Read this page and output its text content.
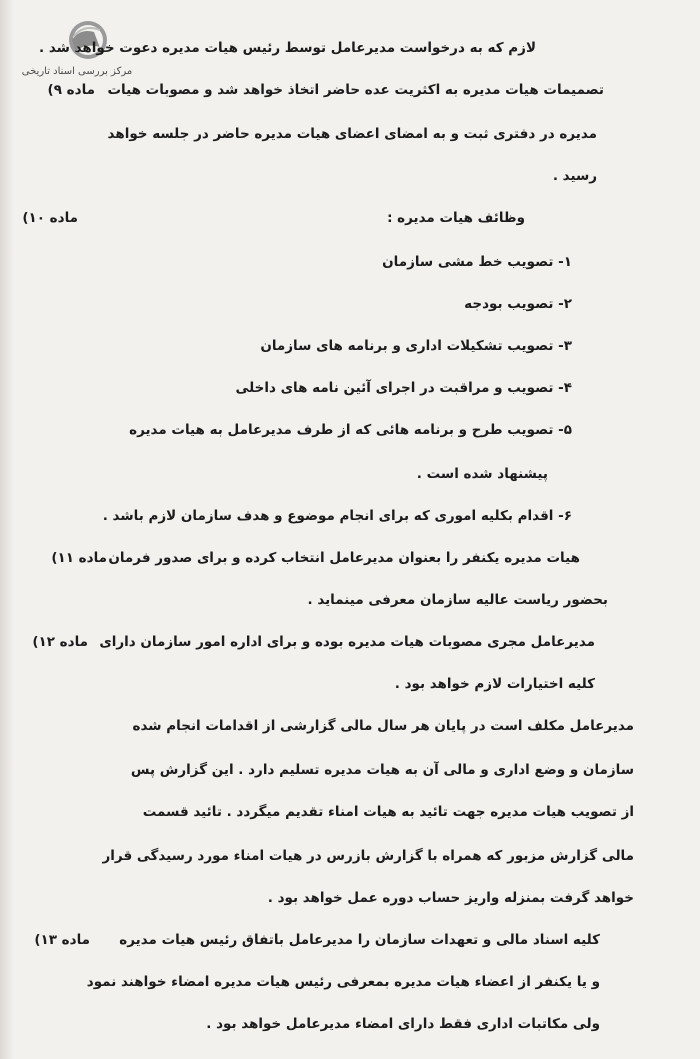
مرکز بررسی اسناد تاریخی
لازم که به درخواست مدیرعامل توسط رئیس هیات مدیره دعوت خواهد شد .
ماده ۹) تصمیمات هیات مدیره به اکثریت عده حاضر اتخاذ خواهد شد و مصوبات هیات
مدیره در دفتری ثبت و به امضای اعضای هیات مدیره حاضر در جلسه خواهد
رسید .
ماده ۱۰)	وظائف هیات مدیره :
۱- تصویب خط مشی سازمان
۲- تصویب بودجه
۳- تصویب تشکیلات اداری و برنامه های سازمان
۴- تصویب و مراقبت در اجرای آئین نامه های داخلی
۵- تصویب طرح و برنامه هائی که از طرف مدیرعامل به هیات مدیره
پیشنهاد شده است .
۶- اقدام بکلیه اموری که برای انجام موضوع و هدف سازمان لازم باشد .
ماده ۱۱) هیات مدیره یکنفر را بعنوان مدیرعامل انتخاب کرده و برای صدور فرمان
بحضور ریاست عالیه سازمان معرفی مینماید .
ماده ۱۲) مدیرعامل مجری مصوبات هیات مدیره بوده و برای اداره امور سازمان دارای
کلیه اختیارات لازم خواهد بود .
مدیرعامل مکلف است در پایان هر سال مالی گزارشی از اقدامات انجام شده
سازمان و وضع اداری و مالی آن به هیات مدیره تسلیم دارد . این گزارش پس
از تصویب هیات مدیره جهت تائید به هیات امناء تقدیم میگردد . تائید قسمت
مالی گزارش مزبور که همراه با گزارش بازرس در هیات امناء مورد رسیدگی قرار
خواهد گرفت بمنزله واریز حساب دوره عمل خواهد بود .
ماده ۱۳) کلیه اسناد مالی و تعهدات سازمان را مدیرعامل باتفاق رئیس هیات مدیره
و یا یکنفر از اعضاء هیات مدیره بمعرفی رئیس هیات مدیره امضاء خواهند نمود
ولی مکاتبات اداری فقط دارای امضاء مدیرعامل خواهد بود .
